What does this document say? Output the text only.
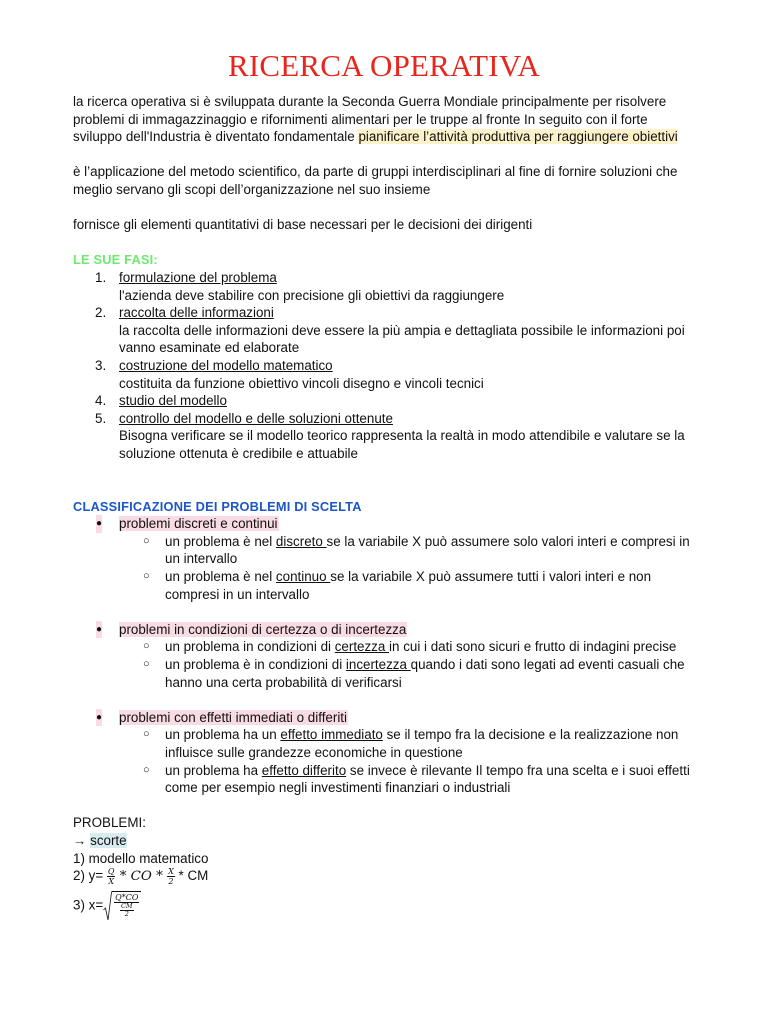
RICERCA OPERATIVA

la ricerca operativa si è sviluppata durante la Seconda Guerra Mondiale principalmente per risolvere problemi di immagazzinaggio e rifornimenti alimentari per le truppe al fronte In seguito con il forte sviluppo dell'Industria è diventato fondamentale pianificare l’attività produttiva per raggiungere obiettivi

è l’applicazione del metodo scientifico, da parte di gruppi interdisciplinari al fine di fornire soluzioni che meglio servano gli scopi dell’organizzazione nel suo insieme

fornisce gli elementi quantitativi di base necessari per le decisioni dei dirigenti

LE SUE FASI:

1. formulazione del problema
l'azienda deve stabilire con precisione gli obiettivi da raggiungere
2. raccolta delle informazioni
la raccolta delle informazioni deve essere la più ampia e dettagliata possibile le informazioni poi vanno esaminate ed elaborate
3. costruzione del modello matematico
costituita da funzione obiettivo vincoli disegno e vincoli tecnici
4. studio del modello
5. controllo del modello e delle soluzioni ottenute
Bisogna verificare se il modello teorico rappresenta la realtà in modo attendibile e valutare se la soluzione ottenuta è credibile e attuabile

CLASSIFICAZIONE DEI PROBLEMI DI SCELTA

● problemi discreti e continui
○ un problema è nel discreto se la variabile X può assumere solo valori interi e compresi in un intervallo
○ un problema è nel continuo se la variabile X può assumere tutti i valori interi e non compresi in un intervallo
● problemi in condizioni di certezza o di incertezza
○ un problema in condizioni di certezza in cui i dati sono sicuri e frutto di indagini precise
○ un problema è in condizioni di incertezza quando i dati sono legati ad eventi casuali che hanno una certa probabilità di verificarsi
● problemi con effetti immediati o differiti
○ un problema ha un effetto immediato se il tempo fra la decisione e la realizzazione non influisce sulle grandezze economiche in questione
○ un problema ha effetto differito se invece è rilevante Il tempo fra una scelta e i suoi effetti come per esempio negli investimenti finanziari o industriali

PROBLEMI:

→ scorte

1) modello matematico

2) $y= \frac{Q}{X}$ * CO * $\frac{X}{2}$ * CM
3) $x= \frac{Q*CO}{\frac{CM}{2}}$
